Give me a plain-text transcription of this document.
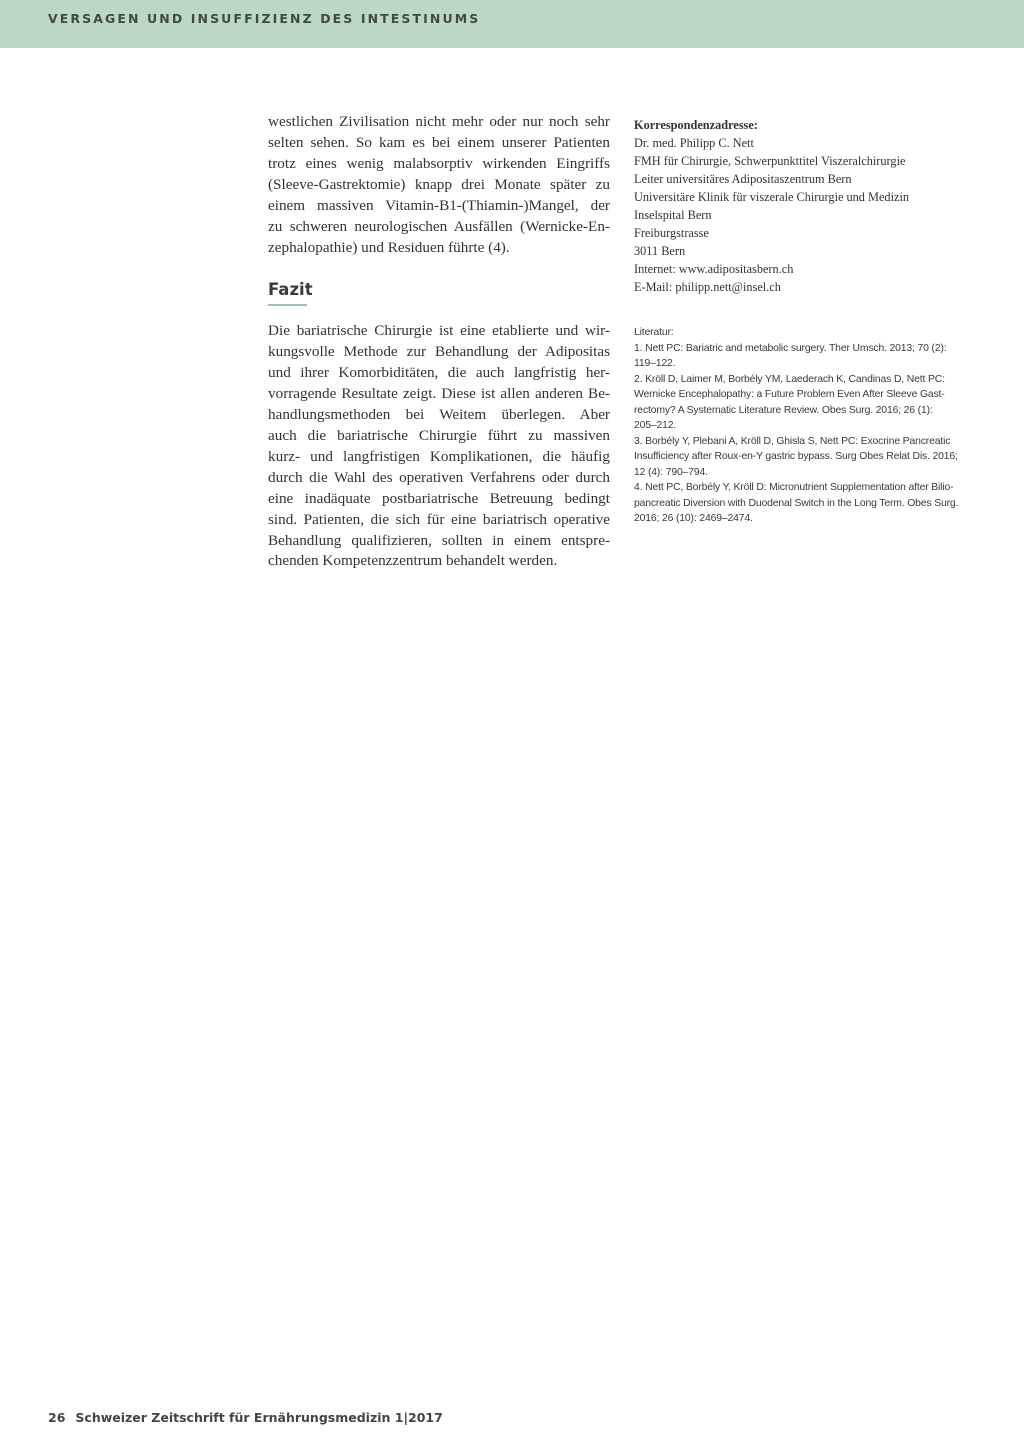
VERSAGEN UND INSUFFIZIENZ DES INTESTINUMS

westlichen Zivilisation nicht mehr oder nur noch sehr
selten sehen. So kam es bei einem unserer Patienten
trotz eines wenig malabsorptiv wirkenden Eingriffs
(Sleeve-Gastrektomie) knapp drei Monate später zu
einem massiven Vitamin-B1-(Thiamin-)Mangel, der
zu schweren neurologischen Ausfällen (Wernicke-En-
zephalopathie) und Residuen führte (4).

Fazit

Die bariatrische Chirurgie ist eine etablierte und wir-
kungsvolle Methode zur Behandlung der Adipositas
und ihrer Komorbiditäten, die auch langfristig her-
vorragende Resultate zeigt. Diese ist allen anderen Be-
handlungsmethoden bei Weitem überlegen. Aber
auch die bariatrische Chirurgie führt zu massiven
kurz- und langfristigen Komplikationen, die häufig
durch die Wahl des operativen Verfahrens oder durch
eine inadäquate postbariatrische Betreuung bedingt
sind. Patienten, die sich für eine bariatrisch operative
Behandlung qualifizieren, sollten in einem entspre-
chenden Kompetenzzentrum behandelt werden.

Korrespondenzadresse:
Dr. med. Philipp C. Nett
FMH für Chirurgie, Schwerpunkttitel Viszeralchirurgie
Leiter universitäres Adipositaszentrum Bern
Universitäre Klinik für viszerale Chirurgie und Medizin
Inselspital Bern
Freiburgstrasse
3011 Bern
Internet: www.adipositasbern.ch
E-Mail: philipp.nett@insel.ch
Literatur:
1. Nett PC: Bariatric and metabolic surgery. Ther Umsch. 2013; 70 (2):
119–122.
2. Kröll D, Laimer M, Borbély YM, Laederach K, Candinas D, Nett PC:
Wernicke Encephalopathy: a Future Problem Even After Sleeve Gast-
rectomy? A Systematic Literature Review. Obes Surg. 2016; 26 (1):
205–212.
3. Borbély Y, Plebani A, Kröll D, Ghisla S, Nett PC: Exocrine Pancreatic
Insufficiency after Roux-en-Y gastric bypass. Surg Obes Relat Dis. 2016;
12 (4): 790–794.
4. Nett PC, Borbély Y, Kröll D: Micronutrient Supplementation after Bilio-
pancreatic Diversion with Duodenal Switch in the Long Term. Obes Surg.
2016; 26 (10): 2469–2474.
26 Schweizer Zeitschrift für Ernährungsmedizin 1|2017
